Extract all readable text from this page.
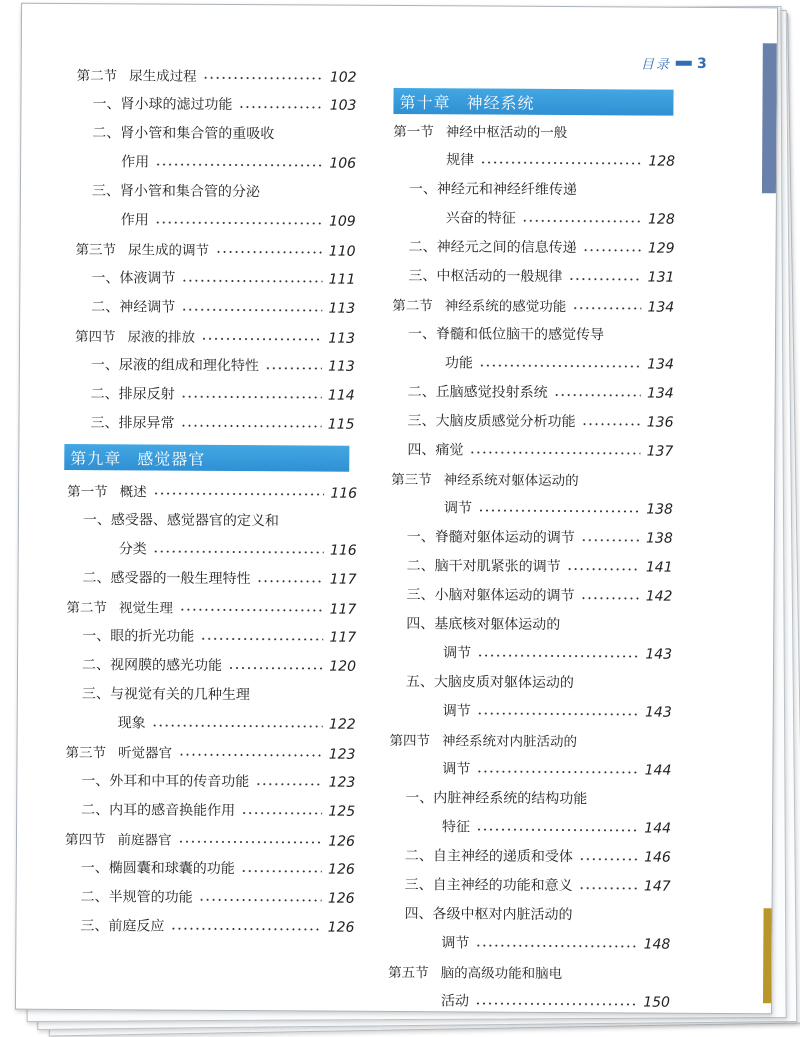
目录 3
第二节 尿生成过程	102
一、肾小球的滤过功能	103
二、肾小管和集合管的重吸收
作用	106
三、肾小管和集合管的分泌
作用	109
第三节 尿生成的调节	110
一、体液调节	111
二、神经调节	113
第四节 尿液的排放	113
一、尿液的组成和理化特性	113
二、排尿反射	114
三、排尿异常	115
第九章 感觉器官
第一节 概述	116
一、感受器、感觉器官的定义和
分类	116
二、感受器的一般生理特性	117
第二节 视觉生理	117
一、眼的折光功能	117
二、视网膜的感光功能	120
三、与视觉有关的几种生理
现象	122
第三节 听觉器官	123
一、外耳和中耳的传音功能	123
二、内耳的感音换能作用	125
第四节 前庭器官	126
一、椭圆囊和球囊的功能	126
二、半规管的功能	126
三、前庭反应	126
第十章 神经系统
第一节 神经中枢活动的一般
规律	128
一、神经元和神经纤维传递
兴奋的特征	128
二、神经元之间的信息传递	129
三、中枢活动的一般规律	131
第二节 神经系统的感觉功能	134
一、脊髓和低位脑干的感觉传导
功能	134
二、丘脑感觉投射系统	134
三、大脑皮质感觉分析功能	136
四、痛觉	137
第三节 神经系统对躯体运动的
调节	138
一、脊髓对躯体运动的调节	138
二、脑干对肌紧张的调节	141
三、小脑对躯体运动的调节	142
四、基底核对躯体运动的
调节	143
五、大脑皮质对躯体运动的
调节	143
第四节 神经系统对内脏活动的
调节	144
一、内脏神经系统的结构功能
特征	144
二、自主神经的递质和受体	146
三、自主神经的功能和意义	147
四、各级中枢对内脏活动的
调节	148
第五节 脑的高级功能和脑电
活动	150
